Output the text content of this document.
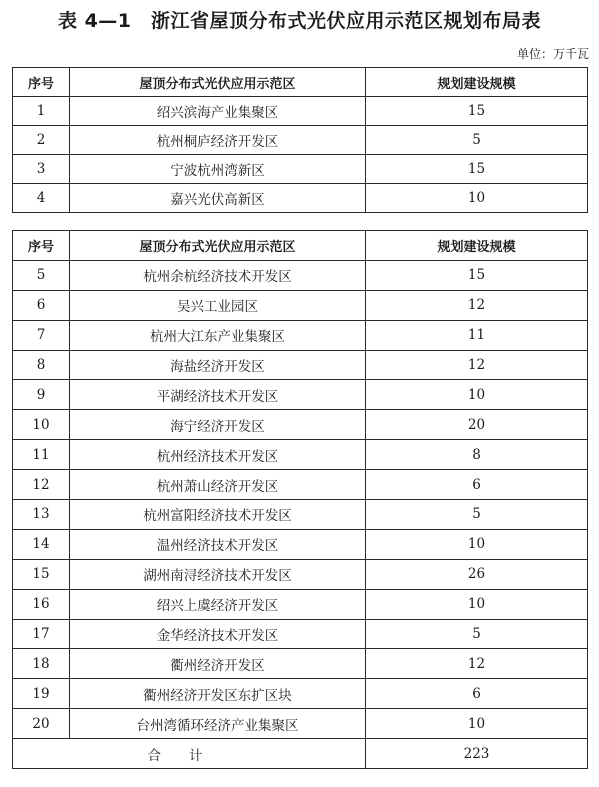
表 4—1　浙江省屋顶分布式光伏应用示范区规划布局表
单位：万千瓦
序号	屋顶分布式光伏应用示范区	规划建设规模
1	绍兴滨海产业集聚区	15
2	杭州桐庐经济开发区	5
3	宁波杭州湾新区	15
4	嘉兴光伏高新区	10
序号	屋顶分布式光伏应用示范区	规划建设规模
5	杭州余杭经济技术开发区	15
6	吴兴工业园区	12
7	杭州大江东产业集聚区	11
8	海盐经济开发区	12
9	平湖经济技术开发区	10
10	海宁经济开发区	20
11	杭州经济技术开发区	8
12	杭州萧山经济开发区	6
13	杭州富阳经济技术开发区	5
14	温州经济技术开发区	10
15	湖州南浔经济技术开发区	26
16	绍兴上虞经济开发区	10
17	金华经济技术开发区	5
18	衢州经济开发区	12
19	衢州经济开发区东扩区块	6
20	台州湾循环经济产业集聚区	10
合计		223
